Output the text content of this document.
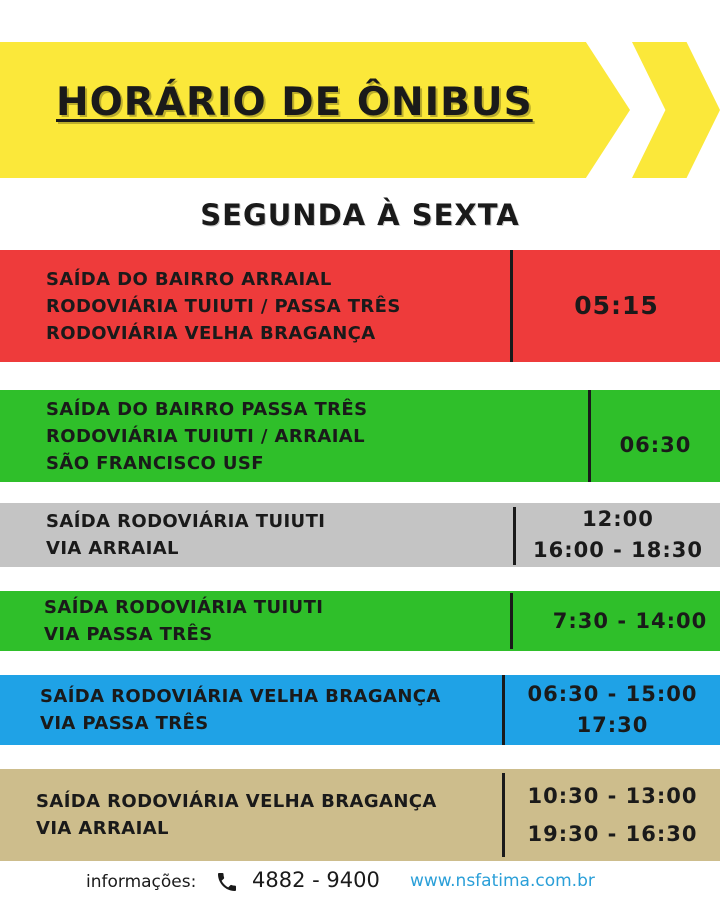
HORÁRIO DE ÔNIBUS
SEGUNDA À SEXTA
SAÍDA DO BAIRRO ARRAIAL
RODOVIÁRIA TUIUTI / PASSA TRÊS
RODOVIÁRIA VELHA BRAGANÇA
05:15
SAÍDA DO BAIRRO PASSA TRÊS
RODOVIÁRIA TUIUTI / ARRAIAL
SÃO FRANCISCO USF
06:30
SAÍDA RODOVIÁRIA TUIUTI
VIA ARRAIAL
12:00
16:00 - 18:30
SAÍDA RODOVIÁRIA TUIUTI
VIA PASSA TRÊS
7:30 - 14:00
SAÍDA RODOVIÁRIA VELHA BRAGANÇA
VIA PASSA TRÊS
06:30 - 15:00
17:30
SAÍDA RODOVIÁRIA VELHA BRAGANÇA
VIA ARRAIAL
10:30 - 13:00
19:30 - 16:30
informações:	4882 - 9400 www.nsfatima.com.br
